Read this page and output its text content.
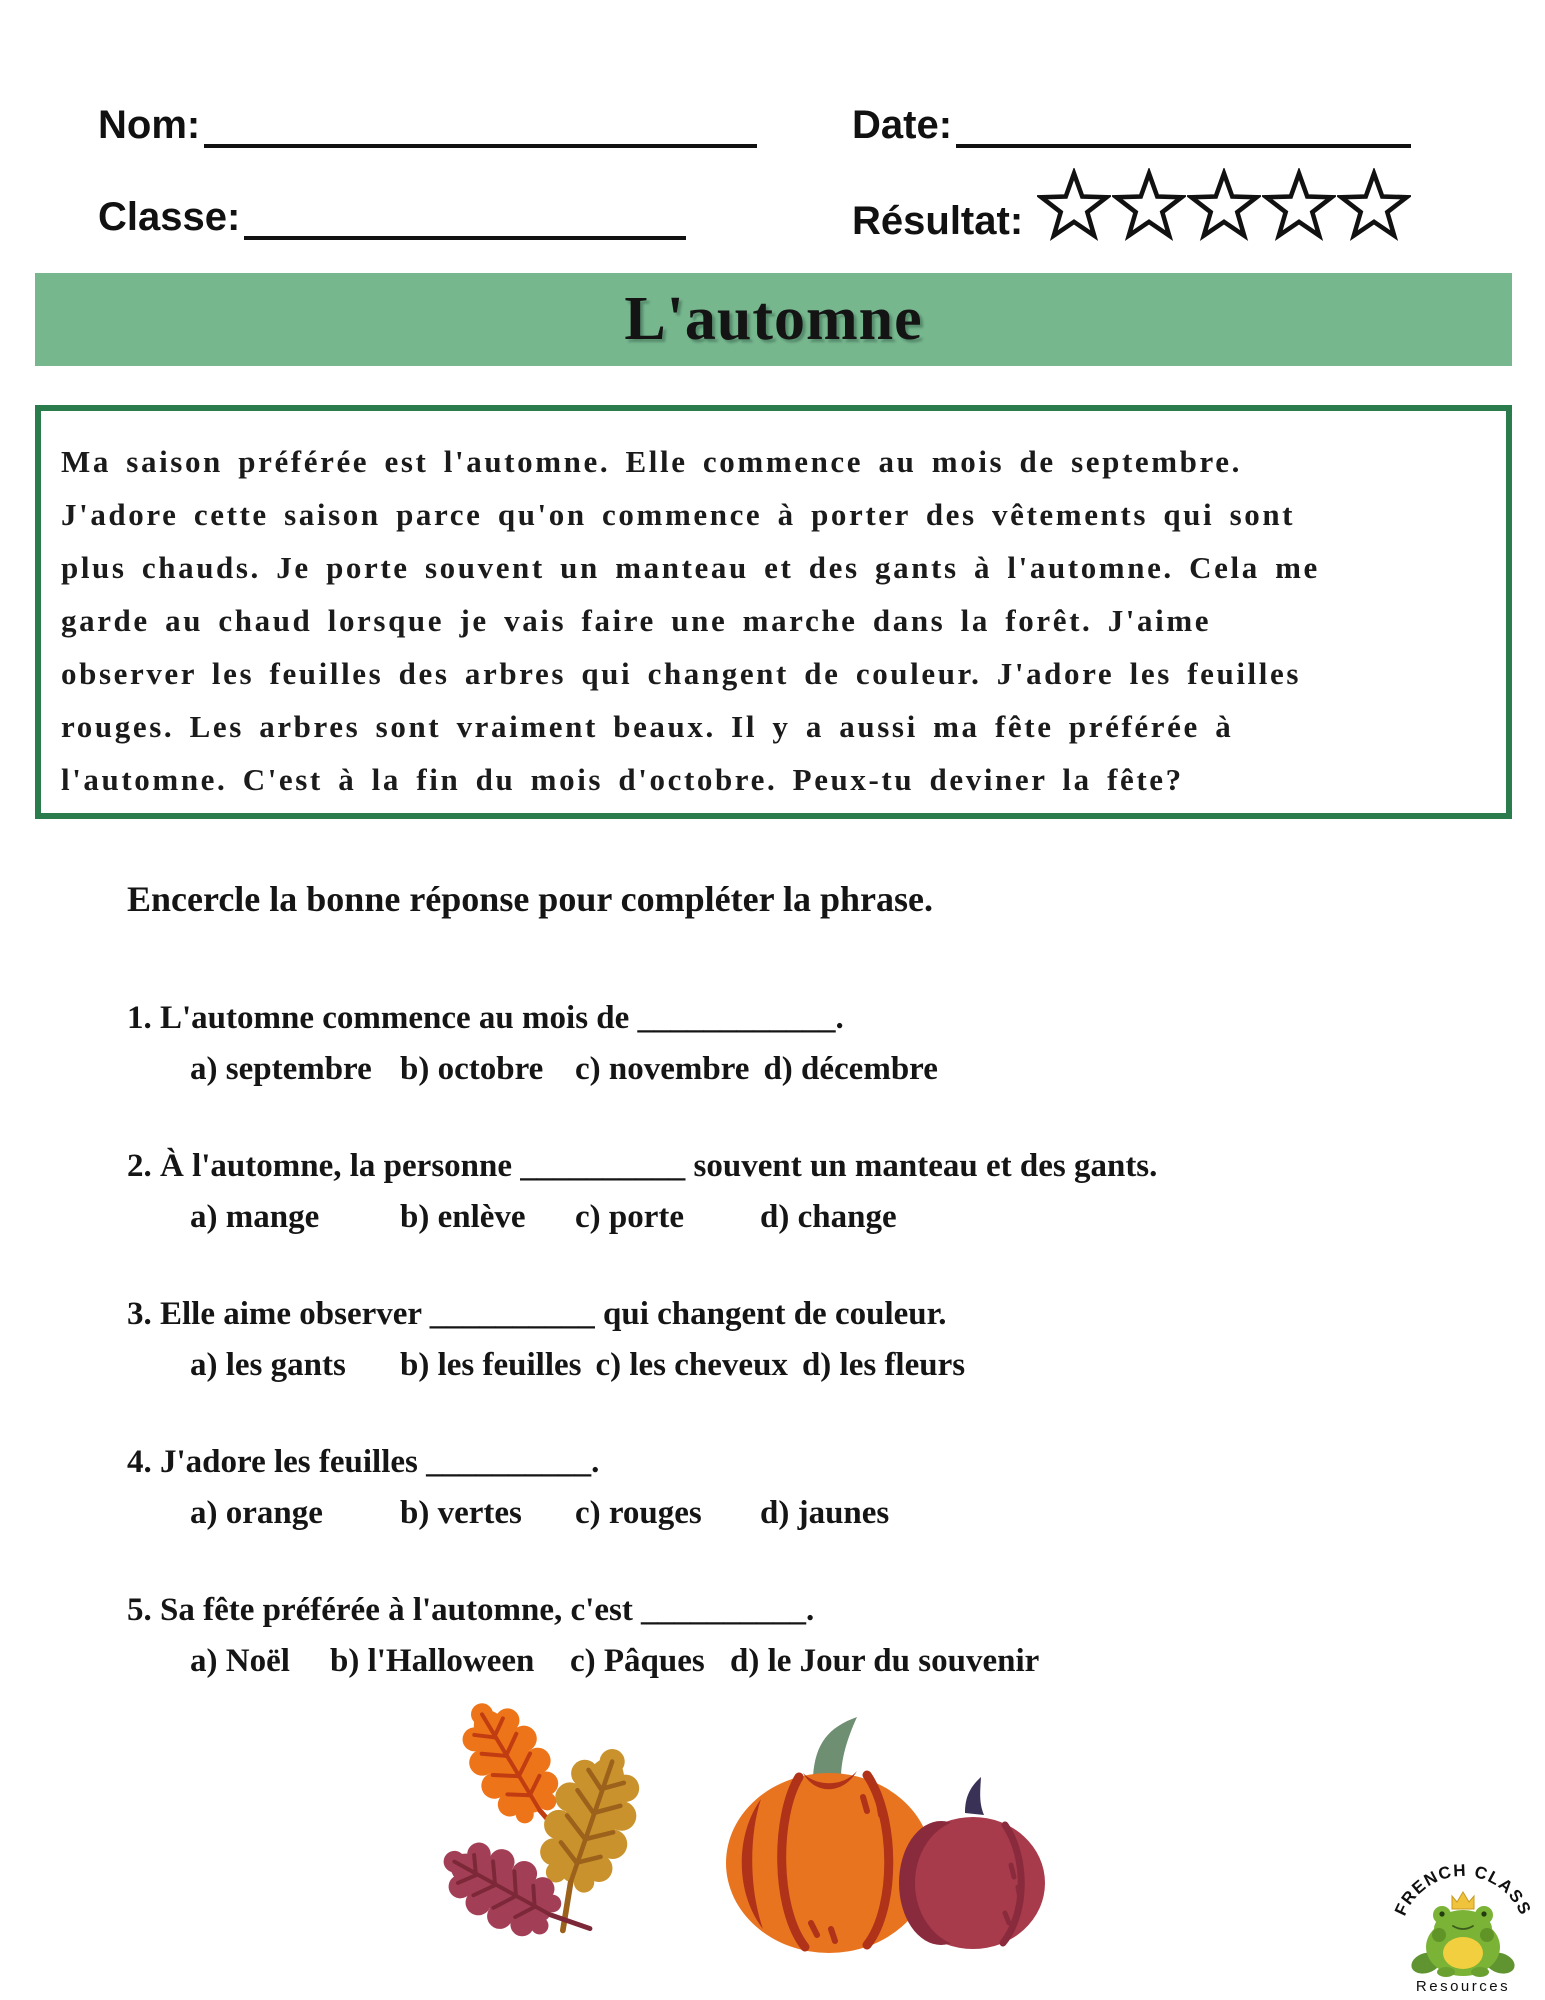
Nom:	Date:
Classe:	Résultat:
L'automne
Ma saison préférée est l'automne. Elle commence au mois de septembre.
J'adore cette saison parce qu'on commence à porter des vêtements qui sont
plus chauds. Je porte souvent un manteau et des gants à l'automne. Cela me
garde au chaud lorsque je vais faire une marche dans la forêt. J'aime
observer les feuilles des arbres qui changent de couleur. J'adore les feuilles
rouges. Les arbres sont vraiment beaux. Il y a aussi ma fête préférée à
l'automne. C'est à la fin du mois d'octobre. Peux-tu deviner la fête?
Encercle la bonne réponse pour compléter la phrase.
1. L'automne commence au mois de ____________.
a) septembre b) octobre c) novembre d) décembre
2. À l'automne, la personne __________ souvent un manteau et des gants.
a) mange	b) enlève	c) porte	d) change
3. Elle aime observer __________ qui changent de couleur.
a) les gants	b) les feuilles c) les cheveux d) les fleurs
4. J'adore les feuilles __________.
a) orange	b) vertes	c) rouges	d) jaunes
5. Sa fête préférée à l'automne, c'est __________.
a) Noël	b) l'Halloween	c) Pâques d) le Jour du souvenir
FRENCH CLASS
Resources
